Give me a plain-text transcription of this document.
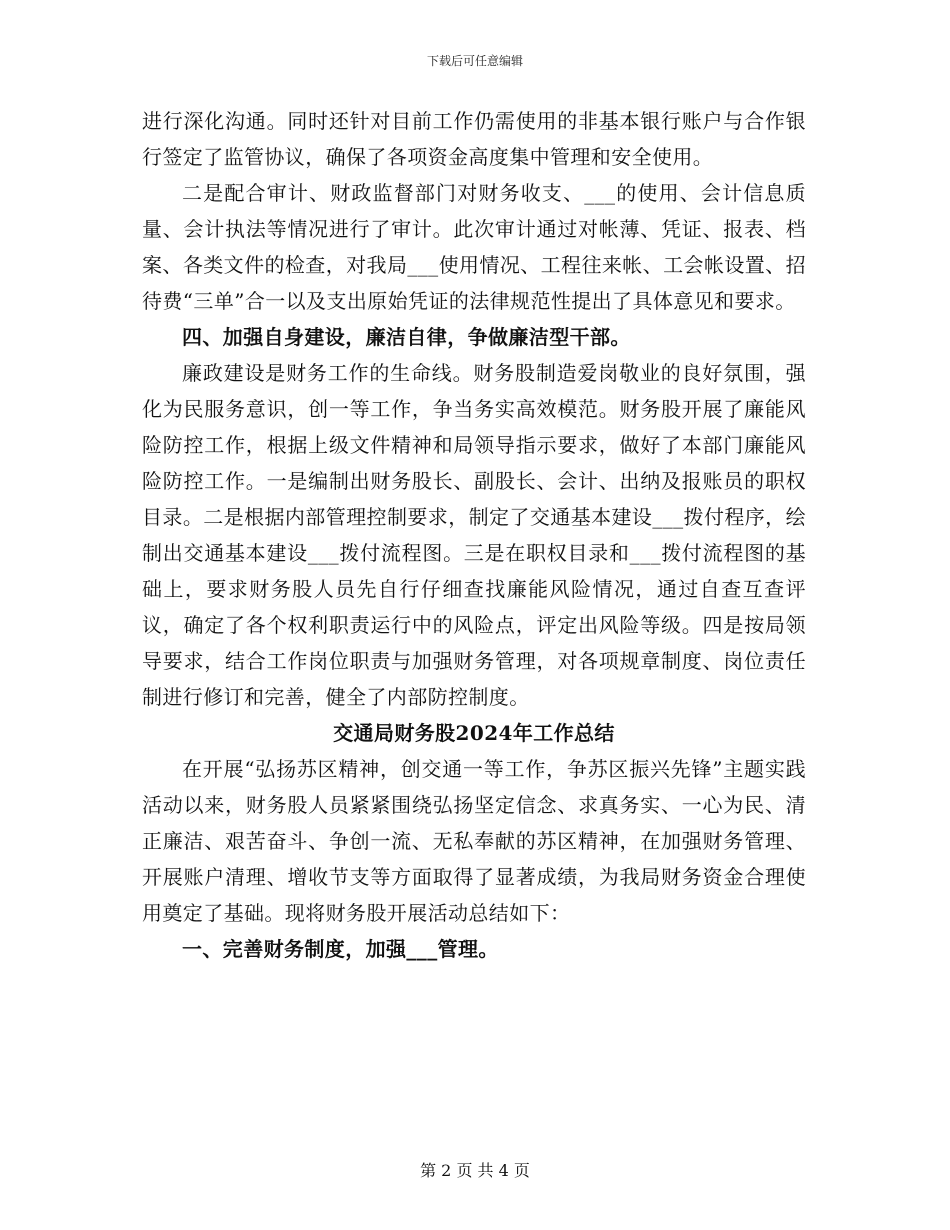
下载后可任意编辑

进行深化沟通。同时还针对目前工作仍需使用的非基本银行账户与合作银行签定了监管协议，确保了各项资金高度集中管理和安全使用。

二是配合审计、财政监督部门对财务收支、___的使用、会计信息质量、会计执法等情况进行了审计。此次审计通过对帐薄、凭证、报表、档案、各类文件的检查，对我局___使用情况、工程往来帐、工会帐设置、招待费“三单”合一以及支出原始凭证的法律规范性提出了具体意见和要求。

四、加强自身建设，廉洁自律，争做廉洁型干部。

廉政建设是财务工作的生命线。财务股制造爱岗敬业的良好氛围，强化为民服务意识，创一等工作，争当务实高效模范。财务股开展了廉能风险防控工作，根据上级文件精神和局领导指示要求，做好了本部门廉能风险防控工作。一是编制出财务股长、副股长、会计、出纳及报账员的职权目录。二是根据内部管理控制要求，制定了交通基本建设___拨付程序，绘制出交通基本建设___拨付流程图。三是在职权目录和___拨付流程图的基础上，要求财务股人员先自行仔细查找廉能风险情况，通过自查互查评议，确定了各个权利职责运行中的风险点，评定出风险等级。四是按局领导要求，结合工作岗位职责与加强财务管理，对各项规章制度、岗位责任制进行修订和完善，健全了内部防控制度。

交通局财务股2024年工作总结

在开展“弘扬苏区精神，创交通一等工作，争苏区振兴先锋”主题实践活动以来，财务股人员紧紧围绕弘扬坚定信念、求真务实、一心为民、清正廉洁、艰苦奋斗、争创一流、无私奉献的苏区精神，在加强财务管理、开展账户清理、增收节支等方面取得了显著成绩，为我局财务资金合理使用奠定了基础。现将财务股开展活动总结如下：

一、完善财务制度，加强___管理。

第 2 页 共 4 页
